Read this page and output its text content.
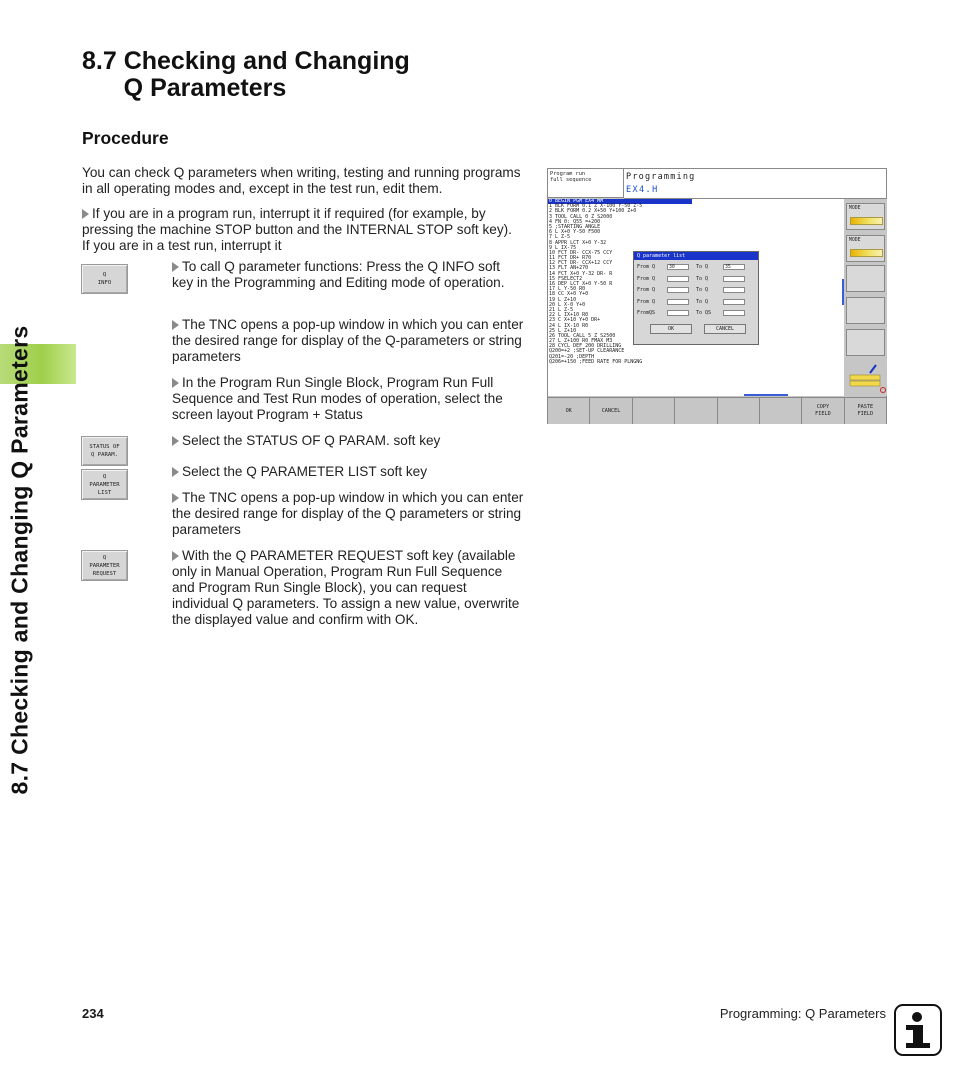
8.7 Checking and Changing Q Parameters
8.7 Checking and Changing
Q Parameters
Procedure
You can check Q parameters when writing, testing and running programs in all operating modes and, except in the test run, edit them.
If you are in a program run, interrupt it if required (for example, by pressing the machine STOP button and the INTERNAL STOP soft key). If you are in a test run, interrupt it
Q
INFO
STATUS OF
Q PARAM.
Q
PARAMETER
LIST
Q
PARAMETER
REQUEST
To call Q parameter functions: Press the Q INFO soft key in the Programming and Editing mode of operation.
The TNC opens a pop-up window in which you can enter the desired range for display of the Q-parameters or string parameters
In the Program Run Single Block, Program Run Full Sequence and Test Run modes of operation, select the screen layout Program + Status
Select the STATUS OF Q PARAM. soft key
Select the Q PARAMETER LIST soft key
The TNC opens a pop-up window in which you can enter the desired range for display of the Q parameters or string parameters
With the Q PARAMETER REQUEST soft key (available only in Manual Operation, Program Run Full Sequence and Program Run Single Block), you can request individual Q parameters. To assign a new value, overwrite the displayed value and confirm with OK.
Program run
full sequence	Programming
EX4.H
0 BEGIN PGM EX4 MM
1 BLK FORM 0.1 Z X-100 Y-50 Z-5
2 BLK FORM 0.2 X+50 Y+100 Z+0
3 TOOL CALL 0 Z S2000
4 FN 0: Q55 =+200
5 ;STARTING ANGLE
6 L X+0 Y-50 F500
7 L Z-5
8 APPR LCT X+0 Y-32
9 L IX-75
10 FCT DR- CCX-75 CCY
11 FCT DR+ R70
12 FCT DR- CCX+12 CCY
13 FLT AN+270
14 FCT X+0 Y-32 DR- R
15 FSELECT2
16 DEP LCT X+0 Y-50 R
17 L Y-50 R0
18 CC X+0 Y+0
19 L Z+10
20 L X-0 Y+0
21 L Z-5
22 L IX+10 R0
23 C X+10 Y+0 DR+
24 L IX-10 R0
25 L Z+10
26 TOOL CALL 5 Z S2500
27 L Z+100 R0 FMAX M3
28 CYCL DEF 200 DRILLING
Q200=+2 ;SET-UP CLEARANCE
Q201=-20 ;DEPTH
Q206=+150 ;FEED RATE FOR PLNGNG
Q parameter list
From Q	30	To Q	35
From Q	To Q
From Q	To Q
From Q	To Q
FromQS	To QS
OK	CANCEL
MODE
MODE
OK	CANCEL
COPY
FIELD
PASTE
FIELD
234	Programming: Q Parameters
